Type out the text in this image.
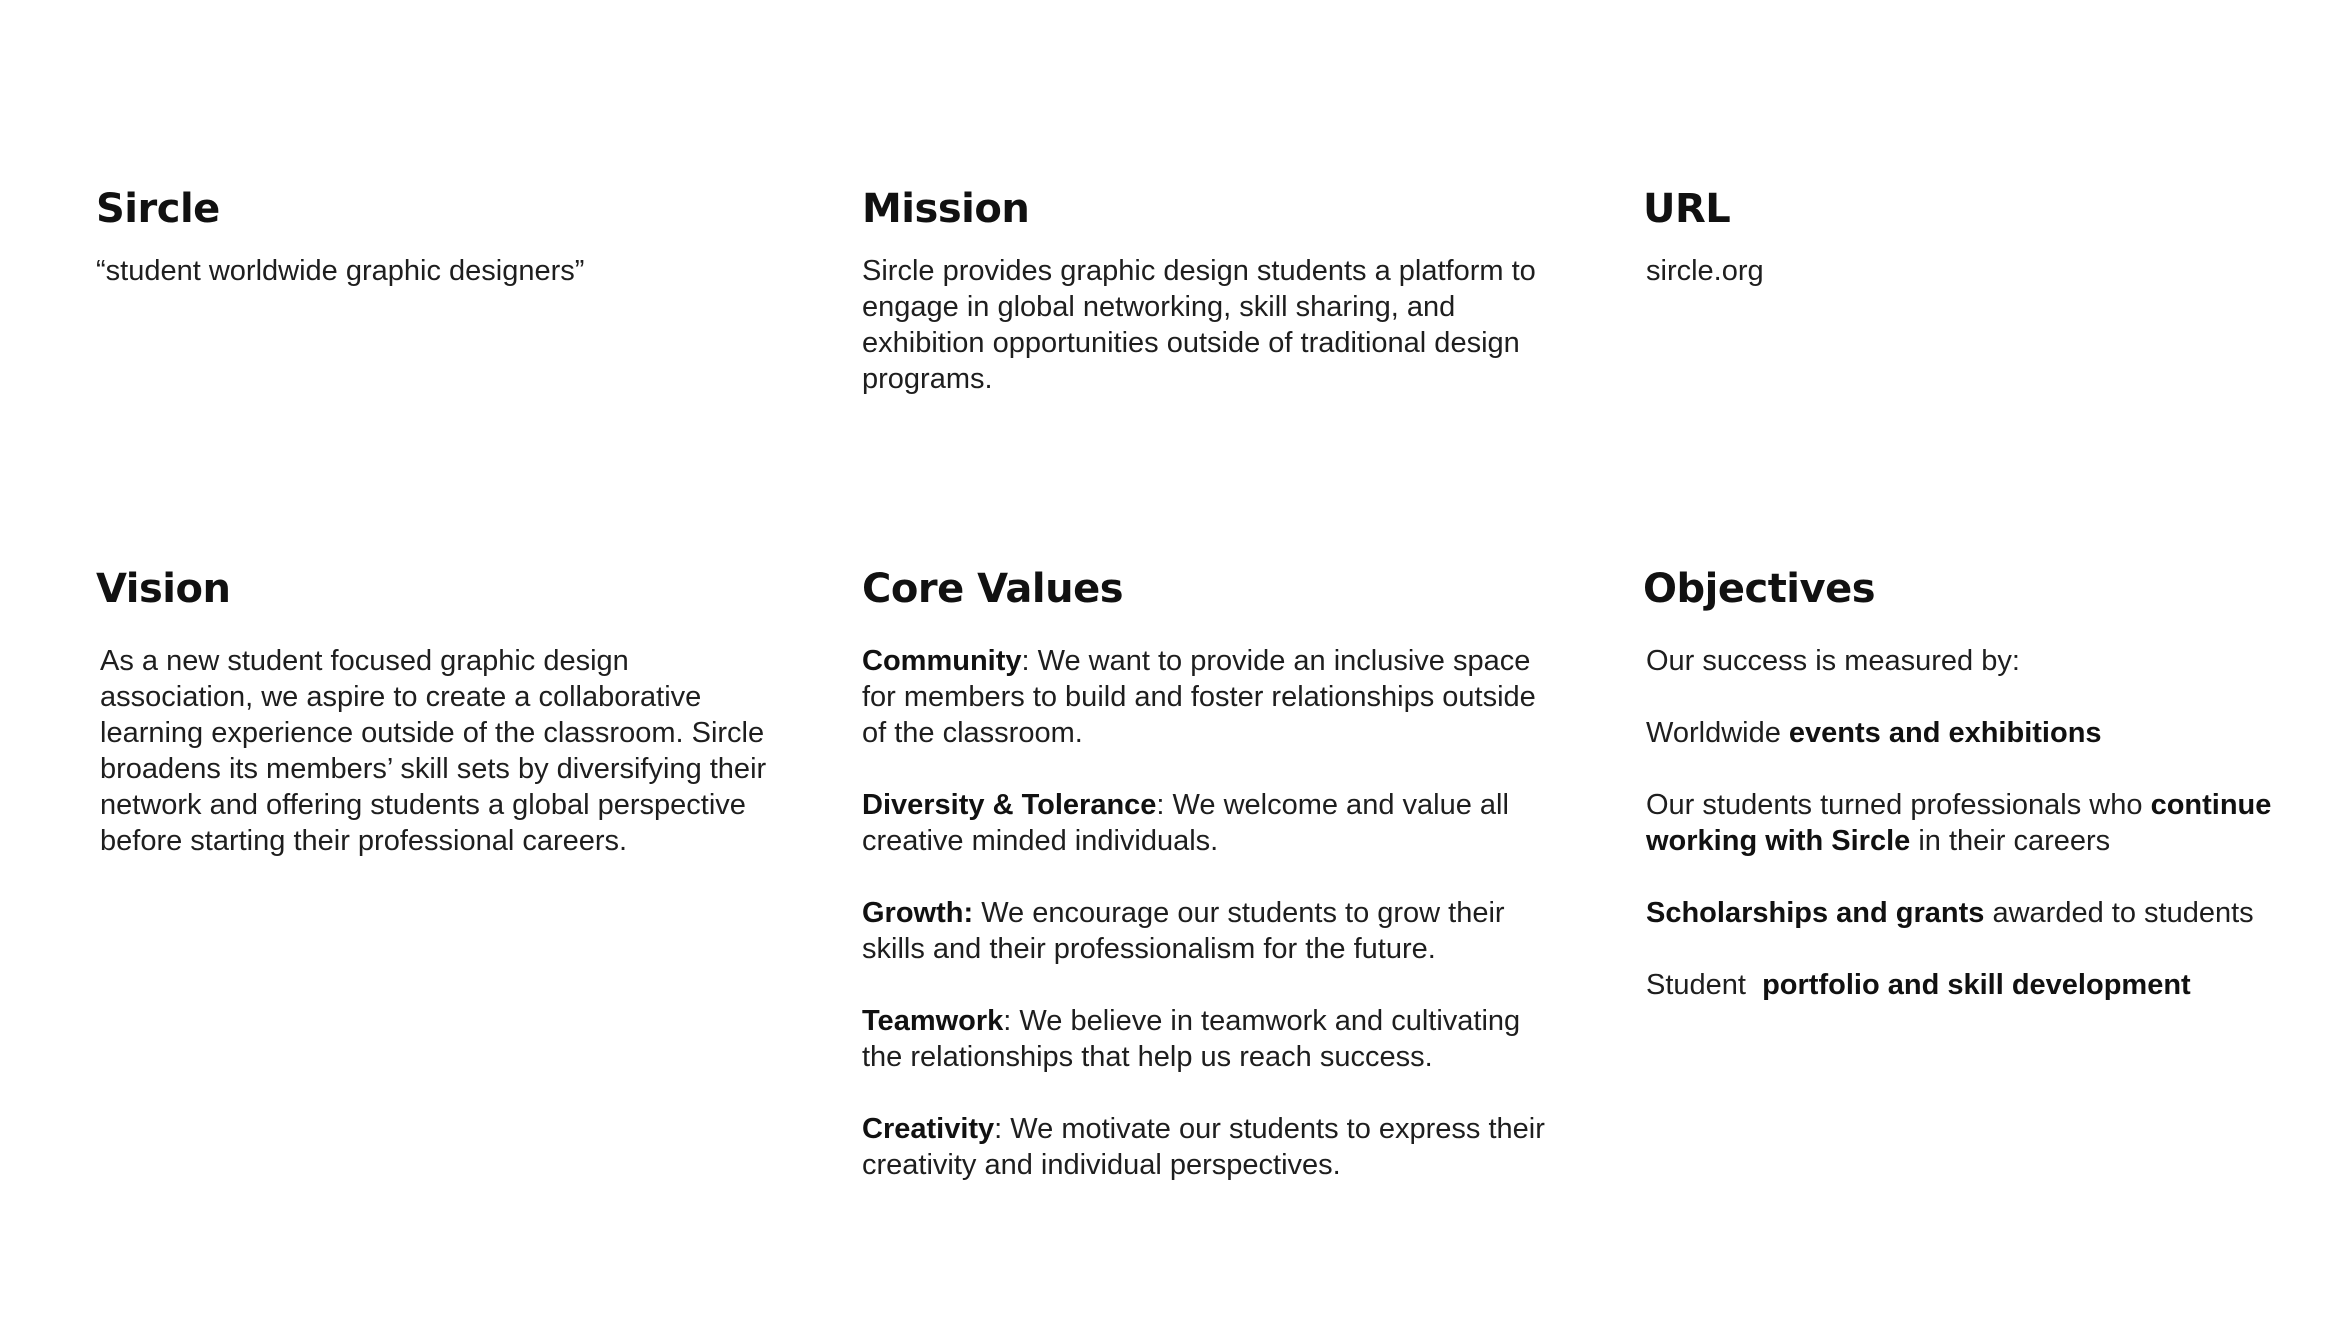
Sircle

“student worldwide graphic designers”

Mission

Sircle provides graphic design students a platform to engage in global networking, skill sharing, and exhibition opportunities outside of traditional design programs.

URL

sircle.org

Vision

As a new student focused graphic design association, we aspire to create a collaborative learning experience outside of the classroom. Sircle broadens its members’ skill sets by diversifying their network and offering students a global perspective before starting their professional careers.

Core Values

Community: We want to provide an inclusive space for members to build and foster relationships outside of the classroom.

Diversity & Tolerance: We welcome and value all creative minded individuals.

Growth: We encourage our students to grow their skills and their professionalism for the future.

Teamwork: We believe in teamwork and cultivating the relationships that help us reach success.

Creativity: We motivate our students to express their creativity and individual perspectives.

Objectives

Our success is measured by:

Worldwide events and exhibitions

Our students turned professionals who continue working with Sircle in their careers

Scholarships and grants awarded to students

Student  portfolio and skill development
